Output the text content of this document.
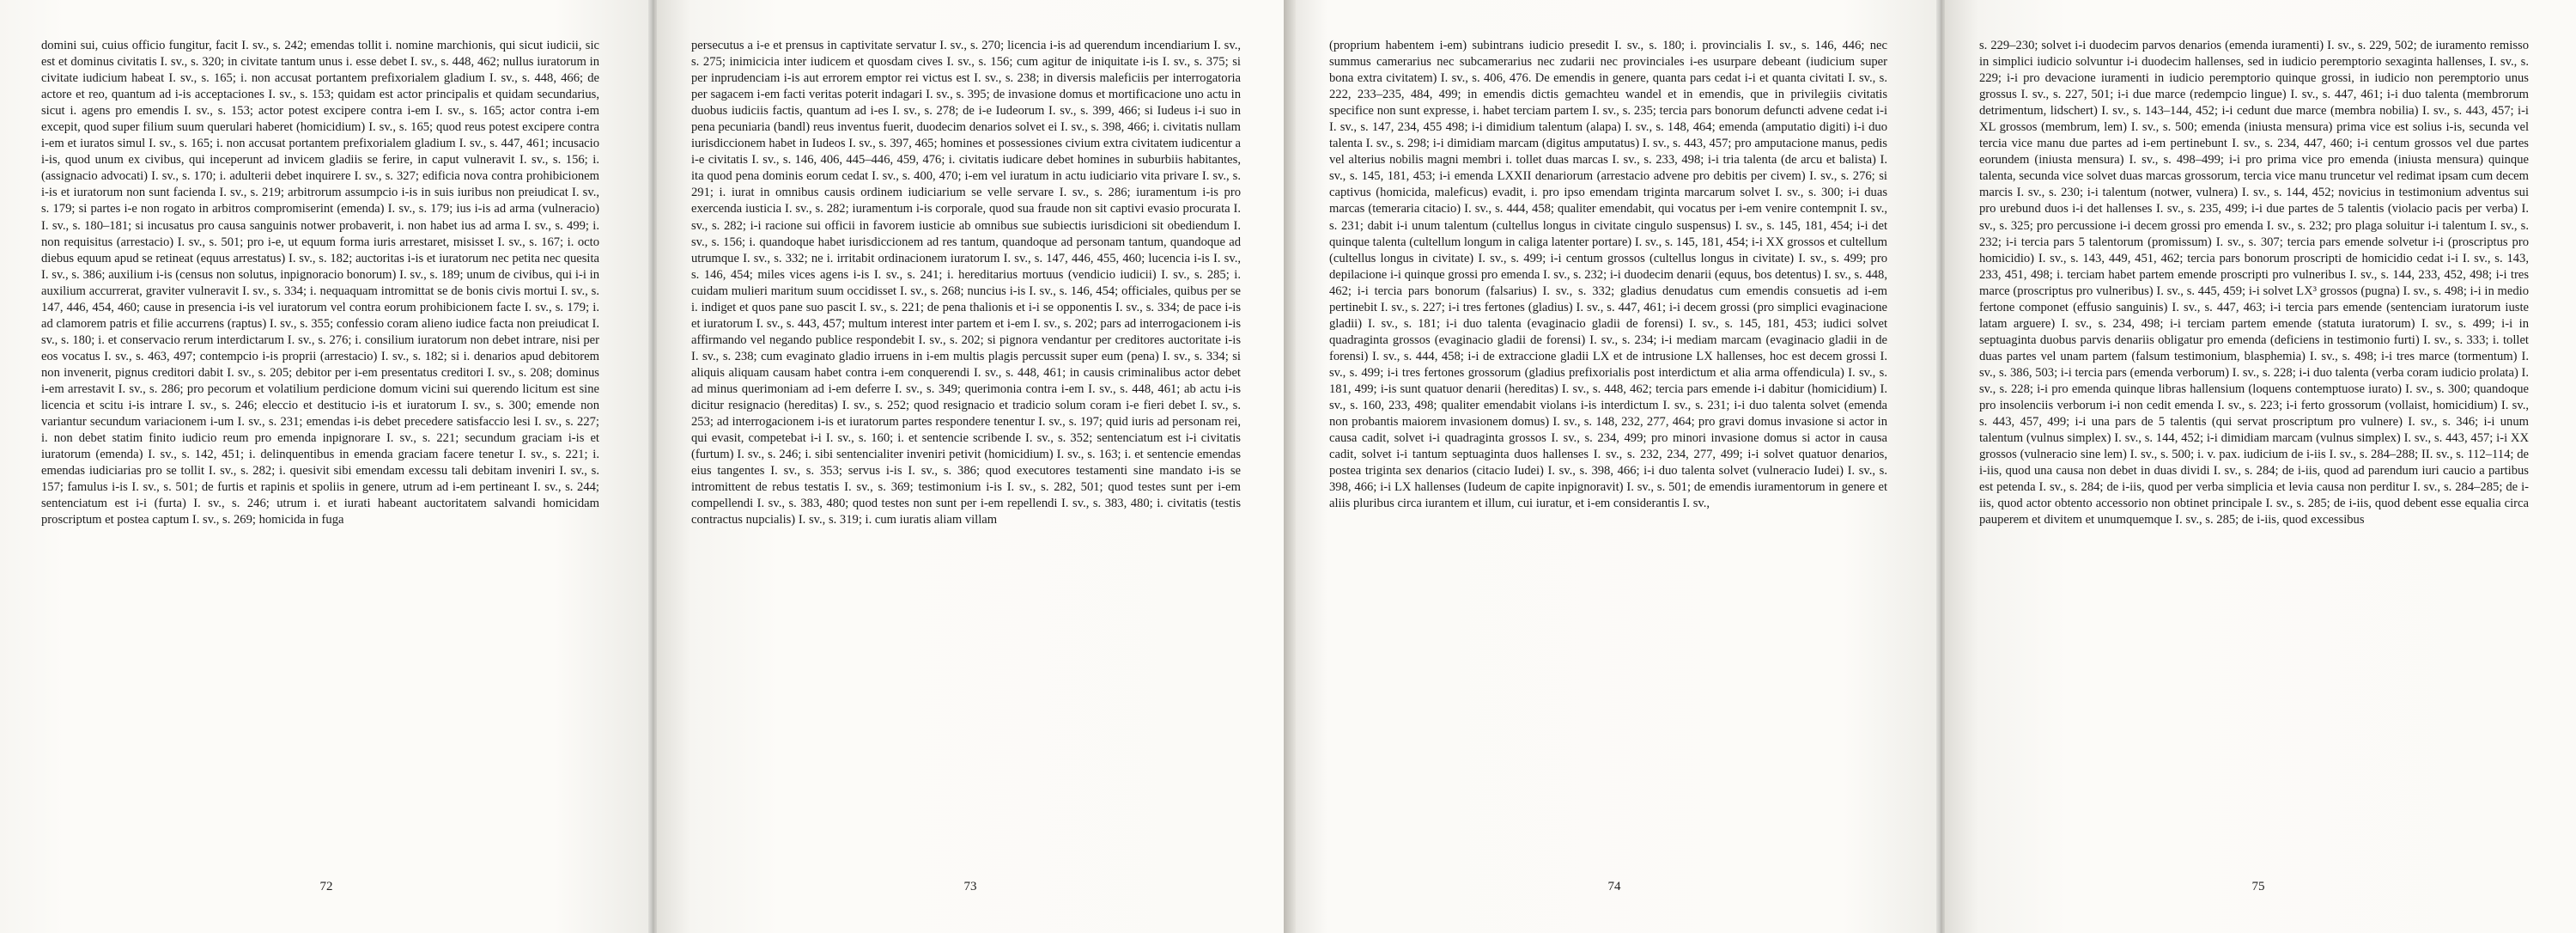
domini sui, cuius officio fungitur, facit I. sv., s. 242; emendas tollit i. nomine marchionis, qui sicut iudicii, sic est et dominus civitatis I. sv., s. 320; in civitate tantum unus i. esse debet I. sv., s. 448, 462; nullus iuratorum in civitate iudicium habeat I. sv., s. 165; i. non accusat portantem prefixorialem gladium I. sv., s. 448, 466; de actore et reo, quantum ad i-is acceptaciones I. sv., s. 153; quidam est actor principalis et quidam secundarius, sicut i. agens pro emendis I. sv., s. 153; actor potest excipere contra i-em I. sv., s. 165; actor contra i-em excepit, quod super filium suum querulari haberet (homicidium) I. sv., s. 165; quod reus potest excipere contra i-em et iuratos simul I. sv., s. 165; i. non accusat portantem prefixorialem gladium I. sv., s. 447, 461; incusacio i-is, quod unum ex civibus, qui inceperunt ad invicem gladiis se ferire, in caput vulneravit I. sv., s. 156; i. (assignacio advocati) I. sv., s. 170; i. adulterii debet inquirere I. sv., s. 327; edificia nova contra prohibicionem i-is et iuratorum non sunt facienda I. sv., s. 219; arbitrorum assumpcio i-is in suis iuribus non preiudicat I. sv., s. 179; si partes i-e non rogato in arbitros compromiserint (emenda) I. sv., s. 179; ius i-is ad arma (vulneracio) I. sv., s. 180–181; si incusatus pro causa sanguinis notwer probaverit, i. non habet ius ad arma I. sv., s. 499; i. non requisitus (arrestacio) I. sv., s. 501; pro i-e, ut equum forma iuris arrestaret, misisset I. sv., s. 167; i. octo diebus equum apud se retineat (equus arrestatus) I. sv., s. 182; auctoritas i-is et iuratorum nec petita nec quesita I. sv., s. 386; auxilium i-is (census non solutus, inpignoracio bonorum) I. sv., s. 189; unum de civibus, qui i-i in auxilium accurrerat, graviter vulneravit I. sv., s. 334; i. nequaquam intromittat se de bonis civis mortui I. sv., s. 147, 446, 454, 460; cause in presencia i-is vel iuratorum vel contra eorum prohibicionem facte I. sv., s. 179; i. ad clamorem patris et filie accurrens (raptus) I. sv., s. 355; confessio coram alieno iudice facta non preiudicat I. sv., s. 180; i. et conservacio rerum interdictarum I. sv., s. 276; i. consilium iuratorum non debet intrare, nisi per eos vocatus I. sv., s. 463, 497; contempcio i-is proprii (arrestacio) I. sv., s. 182; si i. denarios apud debitorem non invenerit, pignus creditori dabit I. sv., s. 205; debitor per i-em presentatus creditori I. sv., s. 208; dominus i-em arrestavit I. sv., s. 286; pro pecorum et volatilium perdicione domum vicini sui querendo licitum est sine licencia et scitu i-is intrare I. sv., s. 246; eleccio et destitucio i-is et iuratorum I. sv., s. 300; emende non variantur secundum variacionem i-um I. sv., s. 231; emendas i-is debet precedere satisfaccio lesi I. sv., s. 227; i. non debet statim finito iudicio reum pro emenda inpignorare I. sv., s. 221; secundum graciam i-is et iuratorum (emenda) I. sv., s. 142, 451; i. delinquentibus in emenda graciam facere tenetur I. sv., s. 221; i. emendas iudiciarias pro se tollit I. sv., s. 282; i. quesivit sibi emendam excessu tali debitam inveniri I. sv., s. 157; famulus i-is I. sv., s. 501; de furtis et rapinis et spoliis in genere, utrum ad i-em pertineant I. sv., s. 244; sentenciatum est i-i (furta) I. sv., s. 246; utrum i. et iurati habeant auctoritatem salvandi homicidam proscriptum et postea captum I. sv., s. 269; homicida in fuga
72
persecutus a i-e et prensus in captivitate servatur I. sv., s. 270; licencia i-is ad querendum incendiarium I. sv., s. 275; inimicicia inter iudicem et quosdam cives I. sv., s. 156; cum agitur de iniquitate i-is I. sv., s. 375; si per inprudenciam i-is aut errorem emptor rei victus est I. sv., s. 238; in diversis maleficiis per interrogatoria per sagacem i-em facti veritas poterit indagari I. sv., s. 395; de invasione domus et mortificacione uno actu in duobus iudiciis factis, quantum ad i-es I. sv., s. 278; de i-e Iudeorum I. sv., s. 399, 466; si Iudeus i-i suo in pena pecuniaria (bandl) reus inventus fuerit, duodecim denarios solvet ei I. sv., s. 398, 466; i. civitatis nullam iurisdiccionem habet in Iudeos I. sv., s. 397, 465; homines et possessiones civium extra civitatem iudicentur a i-e civitatis I. sv., s. 146, 406, 445–446, 459, 476; i. civitatis iudicare debet homines in suburbiis habitantes, ita quod pena dominis eorum cedat I. sv., s. 400, 470; i-em vel iuratum in actu iudiciario vita privare I. sv., s. 291; i. iurat in omnibus causis ordinem iudiciarium se velle servare I. sv., s. 286; iuramentum i-is pro exercenda iusticia I. sv., s. 282; iuramentum i-is corporale, quod sua fraude non sit captivi evasio procurata I. sv., s. 282; i-i racione sui officii in favorem iusticie ab omnibus sue subiectis iurisdicioni sit obediendum I. sv., s. 156; i. quandoque habet iurisdiccionem ad res tantum, quandoque ad personam tantum, quandoque ad utrumque I. sv., s. 332; ne i. irritabit ordinacionem iuratorum I. sv., s. 147, 446, 455, 460; lucencia i-is I. sv., s. 146, 454; miles vices agens i-is I. sv., s. 241; i. hereditarius mortuus (vendicio iudicii) I. sv., s. 285; i. cuidam mulieri maritum suum occidisset I. sv., s. 268; nuncius i-is I. sv., s. 146, 454; officiales, quibus per se i. indiget et quos pane suo pascit I. sv., s. 221; de pena thalionis et i-i se opponentis I. sv., s. 334; de pace i-is et iuratorum I. sv., s. 443, 457; multum interest inter partem et i-em I. sv., s. 202; pars ad interrogacionem i-is affirmando vel negando publice respondebit I. sv., s. 202; si pignora vendantur per creditores auctoritate i-is I. sv., s. 238; cum evaginato gladio irruens in i-em multis plagis percussit super eum (pena) I. sv., s. 334; si aliquis aliquam causam habet contra i-em conquerendi I. sv., s. 448, 461; in causis criminalibus actor debet ad minus querimoniam ad i-em deferre I. sv., s. 349; querimonia contra i-em I. sv., s. 448, 461; ab actu i-is dicitur resignacio (hereditas) I. sv., s. 252; quod resignacio et tradicio solum coram i-e fieri debet I. sv., s. 253; ad interrogacionem i-is et iuratorum partes respondere tenentur I. sv., s. 197; quid iuris ad personam rei, qui evasit, competebat i-i I. sv., s. 160; i. et sentencie scribende I. sv., s. 352; sentenciatum est i-i civitatis (furtum) I. sv., s. 246; i. sibi sentencialiter inveniri petivit (homicidium) I. sv., s. 163; i. et sentencie emendas eius tangentes I. sv., s. 353; servus i-is I. sv., s. 386; quod executores testamenti sine mandato i-is se intromittent de rebus testatis I. sv., s. 369; testimonium i-is I. sv., s. 282, 501; quod testes sunt per i-em compellendi I. sv., s. 383, 480; quod testes non sunt per i-em repellendi I. sv., s. 383, 480; i. civitatis (testis contractus nupcialis) I. sv., s. 319; i. cum iuratis aliam villam
73
(proprium habentem i-em) subintrans iudicio presedit I. sv., s. 180; i. provincialis I. sv., s. 146, 446; nec summus camerarius nec subcamerarius nec zudarii nec provinciales i-es usurpare debeant (iudicium super bona extra civitatem) I. sv., s. 406, 476. De emendis in genere, quanta pars cedat i-i et quanta civitati I. sv., s. 222, 233–235, 484, 499; in emendis dictis gemachteu wandel et in emendis, que in privilegiis civitatis specifice non sunt expresse, i. habet terciam partem I. sv., s. 235; tercia pars bonorum defuncti advene cedat i-i I. sv., s. 147, 234, 455 498; i-i dimidium talentum (alapa) I. sv., s. 148, 464; emenda (amputatio digiti) i-i duo talenta I. sv., s. 298; i-i dimidiam marcam (digitus amputatus) I. sv., s. 443, 457; pro amputacione manus, pedis vel alterius nobilis magni membri i. tollet duas marcas I. sv., s. 233, 498; i-i tria talenta (de arcu et balista) I. sv., s. 145, 181, 453; i-i emenda LXXII denariorum (arrestacio advene pro debitis per civem) I. sv., s. 276; si captivus (homicida, maleficus) evadit, i. pro ipso emendam triginta marcarum solvet I. sv., s. 300; i-i duas marcas (temeraria citacio) I. sv., s. 444, 458; qualiter emendabit, qui vocatus per i-em venire contempnit I. sv., s. 231; dabit i-i unum talentum (cultellus longus in civitate cingulo suspensus) I. sv., s. 145, 181, 454; i-i det quinque talenta (cultellum longum in caliga latenter portare) I. sv., s. 145, 181, 454; i-i XX grossos et cultellum (cultellus longus in civitate) I. sv., s. 499; i-i centum grossos (cultellus longus in civitate) I. sv., s. 499; pro depilacione i-i quinque grossi pro emenda I. sv., s. 232; i-i duodecim denarii (equus, bos detentus) I. sv., s. 448, 462; i-i tercia pars bonorum (falsarius) I. sv., s. 332; gladius denudatus cum emendis consuetis ad i-em pertinebit I. sv., s. 227; i-i tres fertones (gladius) I. sv., s. 447, 461; i-i decem grossi (pro simplici evaginacione gladii) I. sv., s. 181; i-i duo talenta (evaginacio gladii de forensi) I. sv., s. 145, 181, 453; iudici solvet quadraginta grossos (evaginacio gladii de forensi) I. sv., s. 234; i-i mediam marcam (evaginacio gladii in de forensi) I. sv., s. 444, 458; i-i de extraccione gladii LX et de intrusione LX hallenses, hoc est decem grossi I. sv., s. 499; i-i tres fertones grossorum (gladius prefixorialis post interdictum et alia arma offendicula) I. sv., s. 181, 499; i-is sunt quatuor denarii (hereditas) I. sv., s. 448, 462; tercia pars emende i-i dabitur (homicidium) I. sv., s. 160, 233, 498; qualiter emendabit violans i-is interdictum I. sv., s. 231; i-i duo talenta solvet (emenda non probantis maiorem invasionem domus) I. sv., s. 148, 232, 277, 464; pro gravi domus invasione si actor in causa cadit, solvet i-i quadraginta grossos I. sv., s. 234, 499; pro minori invasione domus si actor in causa cadit, solvet i-i tantum septuaginta duos hallenses I. sv., s. 232, 234, 277, 499; i-i solvet quatuor denarios, postea triginta sex denarios (citacio Iudei) I. sv., s. 398, 466; i-i duo talenta solvet (vulneracio Iudei) I. sv., s. 398, 466; i-i LX hallenses (Iudeum de capite inpignoravit) I. sv., s. 501; de emendis iuramentorum in genere et aliis pluribus circa iurantem et illum, cui iuratur, et i-em considerantis I. sv.,
74
s. 229–230; solvet i-i duodecim parvos denarios (emenda iuramenti) I. sv., s. 229, 502; de iuramento remisso in simplici iudicio solvuntur i-i duodecim hallenses, sed in iudicio peremptorio sexaginta hallenses, I. sv., s. 229; i-i pro devacione iuramenti in iudicio peremptorio quinque grossi, in iudicio non peremptorio unus grossus I. sv., s. 227, 501; i-i due marce (redempcio lingue) I. sv., s. 447, 461; i-i duo talenta (membrorum detrimentum, lidschert) I. sv., s. 143–144, 452; i-i cedunt due marce (membra nobilia) I. sv., s. 443, 457; i-i XL grossos (membrum, lem) I. sv., s. 500; emenda (iniusta mensura) prima vice est solius i-is, secunda vel tercia vice manu due partes ad i-em pertinebunt I. sv., s. 234, 447, 460; i-i centum grossos vel due partes eorundem (iniusta mensura) I. sv., s. 498–499; i-i pro prima vice pro emenda (iniusta mensura) quinque talenta, secunda vice solvet duas marcas grossorum, tercia vice manu truncetur vel redimat ipsam cum decem marcis I. sv., s. 230; i-i talentum (notwer, vulnera) I. sv., s. 144, 452; novicius in testimonium adventus sui pro urebund duos i-i det hallenses I. sv., s. 235, 499; i-i due partes de 5 talentis (violacio pacis per verba) I. sv., s. 325; pro percussione i-i decem grossi pro emenda I. sv., s. 232; pro plaga soluitur i-i talentum I. sv., s. 232; i-i tercia pars 5 talentorum (promissum) I. sv., s. 307; tercia pars emende solvetur i-i (proscriptus pro homicidio) I. sv., s. 143, 449, 451, 462; tercia pars bonorum proscripti de homicidio cedat i-i I. sv., s. 143, 233, 451, 498; i. terciam habet partem emende proscripti pro vulneribus I. sv., s. 144, 233, 452, 498; i-i tres marce (proscriptus pro vulneribus) I. sv., s. 445, 459; i-i solvet LX³ grossos (pugna) I. sv., s. 498; i-i in medio fertone componet (effusio sanguinis) I. sv., s. 447, 463; i-i tercia pars emende (sentenciam iuratorum iuste latam arguere) I. sv., s. 234, 498; i-i terciam partem emende (statuta iuratorum) I. sv., s. 499; i-i in septuaginta duobus parvis denariis obligatur pro emenda (deficiens in testimonio furti) I. sv., s. 333; i. tollet duas partes vel unam partem (falsum testimonium, blasphemia) I. sv., s. 498; i-i tres marce (tormentum) I. sv., s. 386, 503; i-i tercia pars (emenda verborum) I. sv., s. 228; i-i duo talenta (verba coram iudicio prolata) I. sv., s. 228; i-i pro emenda quinque libras hallensium (loquens contemptuose iurato) I. sv., s. 300; quandoque pro insolenciis verborum i-i non cedit emenda I. sv., s. 223; i-i ferto grossorum (vollaist, homicidium) I. sv., s. 443, 457, 499; i-i una pars de 5 talentis (qui servat proscriptum pro vulnere) I. sv., s. 346; i-i unum talentum (vulnus simplex) I. sv., s. 144, 452; i-i dimidiam marcam (vulnus simplex) I. sv., s. 443, 457; i-i XX grossos (vulneracio sine lem) I. sv., s. 500; i. v. pax. iudicium de i-iis I. sv., s. 284–288; II. sv., s. 112–114; de i-iis, quod una causa non debet in duas dividi I. sv., s. 284; de i-iis, quod ad parendum iuri caucio a partibus est petenda I. sv., s. 284; de i-iis, quod per verba simplicia et levia causa non perditur I. sv., s. 284–285; de i-iis, quod actor obtento accessorio non obtinet principale I. sv., s. 285; de i-iis, quod debent esse equalia circa pauperem et divitem et unumquemque I. sv., s. 285; de i-iis, quod excessibus
75
